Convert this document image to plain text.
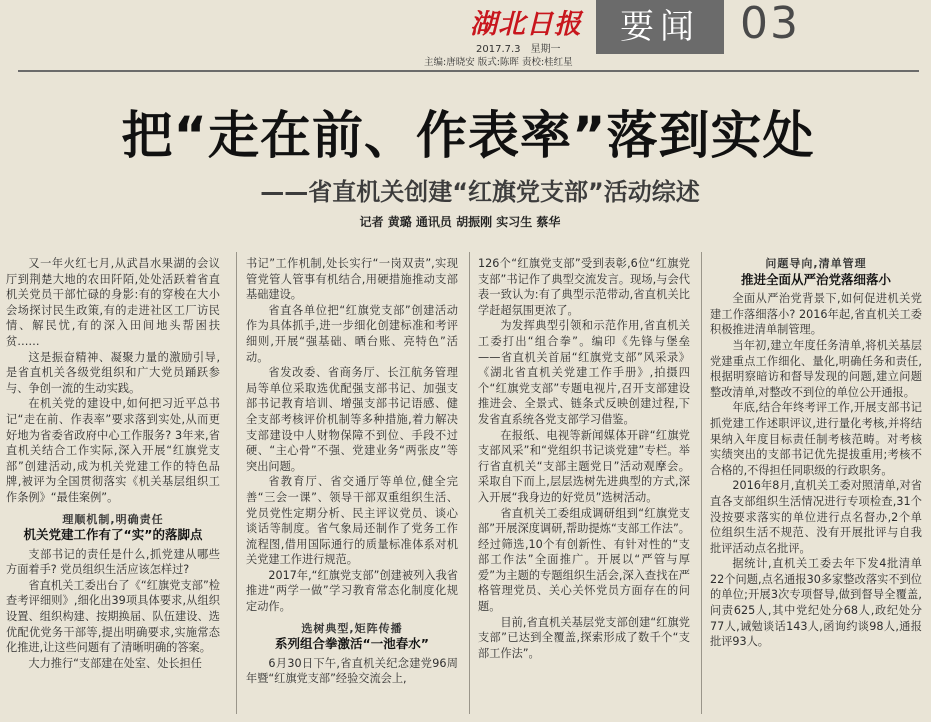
湖北日报
2017.7.3　星期一
主编:唐晓安 版式:陈晖 责校:桂红星
要闻 03
把“走在前、作表率”落到实处
——省直机关创建“红旗党支部”活动综述
记者 黄璐 通讯员 胡振刚 实习生 蔡华

又一年火红七月,从武昌水果湖的会议厅到荆楚大地的农田阡陌,处处活跃着省直机关党员干部忙碌的身影:有的穿梭在大小会场探讨民生政策,有的走进社区工厂访民情、解民忧,有的深入田间地头帮困扶贫……

这是振奋精神、凝聚力量的激励引导,是省直机关各级党组织和广大党员踊跃参与、争创一流的生动实践。

在机关党的建设中,如何把习近平总书记“走在前、作表率”要求落到实处,从而更好地为省委省政府中心工作服务? 3年来,省直机关结合工作实际,深入开展“红旗党支部”创建活动,成为机关党建工作的特色品牌,被评为全国贯彻落实《机关基层组织工作条例》“最佳案例”。

理顺机制,明确责任

机关党建工作有了“实”的落脚点

支部书记的责任是什么,抓党建从哪些方面着手? 党员组织生活应该怎样过?

省直机关工委出台了《“红旗党支部”检查考评细则》,细化出39项具体要求,从组织设置、组织构建、按期换届、队伍建设、选优配优党务干部等,提出明确要求,实施常态化推进,让这些问题有了清晰明确的答案。

大力推行“支部建在处室、处长担任

书记”工作机制,处长实行“一岗双责”,实现管党管人管事有机结合,用硬措施推动支部基础建设。

省直各单位把“红旗党支部”创建活动作为具体抓手,进一步细化创建标准和考评细则,开展“强基础、晒台账、亮特色”活动。

省发改委、省商务厅、长江航务管理局等单位采取选优配强支部书记、加强支部书记教育培训、增强支部书记语感、健全支部考核评价机制等多种措施,着力解决支部建设中人财物保障不到位、手段不过硬、“主心骨”不强、党建业务“两张皮”等突出问题。

省教育厅、省交通厅等单位,健全完善“三会一课”、领导干部双重组织生活、党员党性定期分析、民主评议党员、谈心谈话等制度。省气象局还制作了党务工作流程图,借用国际通行的质量标准体系对机关党建工作进行规范。

2017年,“红旗党支部”创建被列入我省推进“两学一做”学习教育常态化制度化规定动作。

选树典型,矩阵传播

系列组合拳激活“一池春水”

6月30日下午,省直机关纪念建党96周年暨“红旗党支部”经验交流会上,

126个“红旗党支部”受到表彰,6位“红旗党支部”书记作了典型交流发言。现场,与会代表一致认为:有了典型示范带动,省直机关比学赶超氛围更浓了。

为发挥典型引领和示范作用,省直机关工委打出“组合拳”。编印《先锋与堡垒——省直机关首届“红旗党支部”风采录》《湖北省直机关党建工作手册》,拍摄四个“红旗党支部”专题电视片,召开支部建设推进会、全景式、链条式反映创建过程,下发省直系统各党支部学习借鉴。

在报纸、电视等新闻媒体开辟“红旗党支部风采”和“党组织书记谈党建”专栏。举行省直机关“支部主题党日”活动观摩会。采取自下而上,层层选树先进典型的方式,深入开展“我身边的好党员”选树活动。

省直机关工委组成调研组到“红旗党支部”开展深度调研,帮助提炼“支部工作法”。经过筛选,10个有创新性、有针对性的“支部工作法”全面推广。开展以“严管与厚爱”为主题的专题组织生活会,深入查找在严格管理党员、关心关怀党员方面存在的问题。

目前,省直机关基层党支部创建“红旗党支部”已达到全覆盖,探索形成了数千个“支部工作法”。

问题导向,清单管理

推进全面从严治党落细落小

全面从严治党背景下,如何促进机关党建工作落细落小? 2016年起,省直机关工委积极推进清单制管理。

当年初,建立年度任务清单,将机关基层党建重点工作细化、量化,明确任务和责任,根据明察暗访和督导发现的问题,建立问题整改清单,对整改不到位的单位公开通报。

年底,结合年终考评工作,开展支部书记抓党建工作述职评议,进行量化考核,并将结果纳入年度目标责任制考核范畴。对考核实绩突出的支部书记优先提拔重用;考核不合格的,不得担任同职级的行政职务。

2016年8月,直机关工委对照清单,对省直各支部组织生活情况进行专项检查,31个没按要求落实的单位进行点名督办,2个单位组织生活不规范、没有开展批评与自我批评活动点名批评。

据统计,直机关工委去年下发4批清单22个问题,点名通报30多家整改落实不到位的单位;开展3次专项督导,做到督导全覆盖,问责625人,其中党纪处分68人,政纪处分77人,诫勉谈话143人,函询约谈98人,通报批评93人。
